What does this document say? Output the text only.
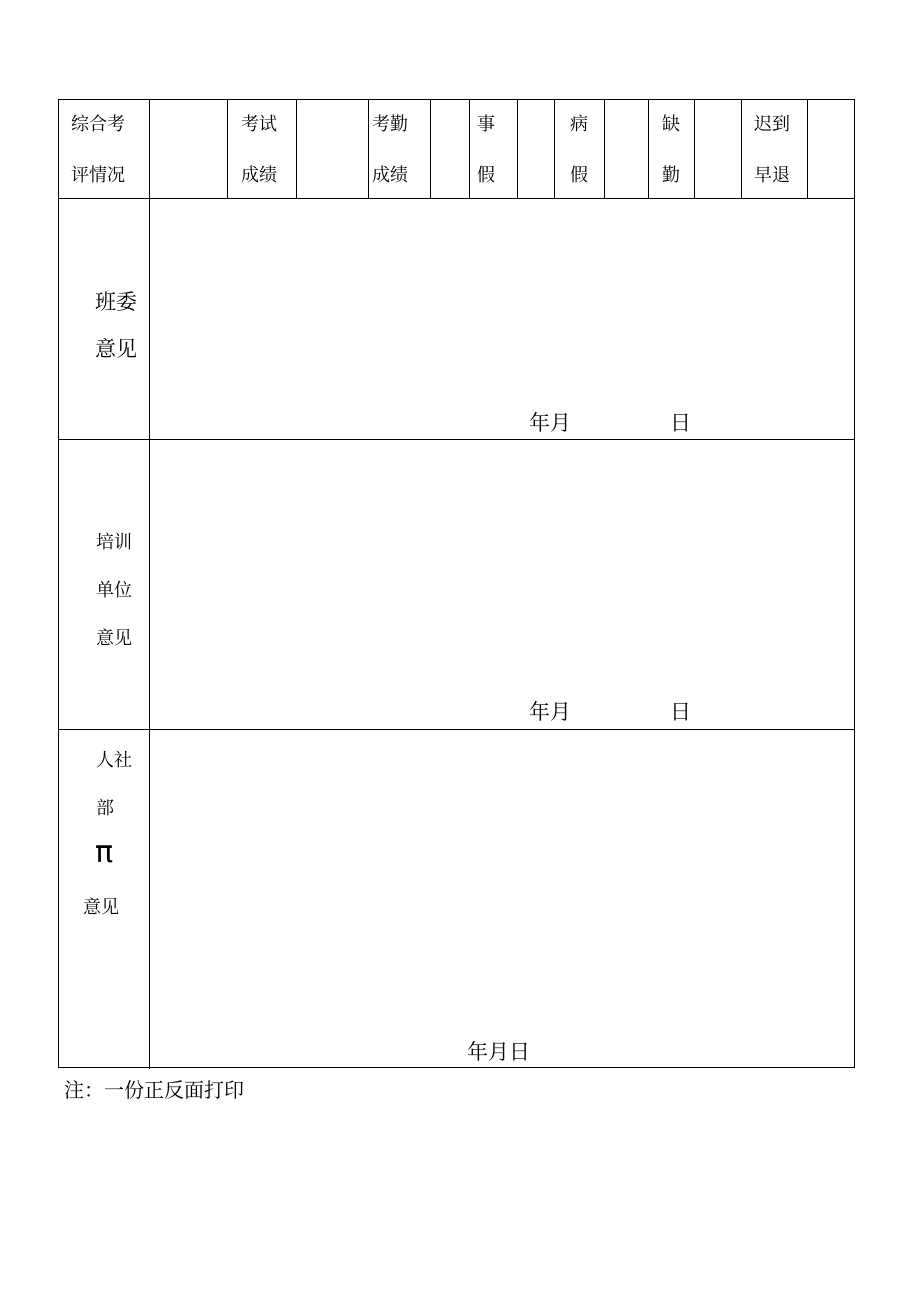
综合考
评情况
考试
成绩
考勤
成绩
事
假
病
假
缺
勤
迟到
早退
班委
意见
年月	日
培训
单位
意见
年月	日
人社
部
π
意见
年月日
注：一份正反面打印
